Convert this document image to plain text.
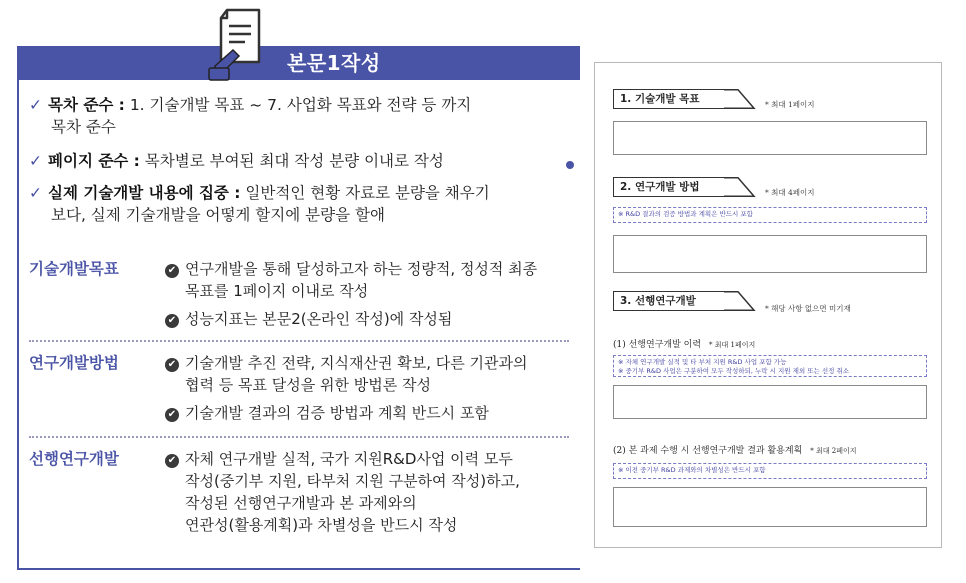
본문1작성
✓ 목차 준수 : 1. 기술개발 목표 ~ 7. 사업화 목표와 전략 등 까지
목차 준수
✓ 페이지 준수 : 목차별로 부여된 최대 작성 분량 이내로 작성
✓ 실제 기술개발 내용에 집중 : 일반적인 현황 자료로 분량을 채우기
보다, 실제 기술개발을 어떻게 할지에 분량을 할애
기술개발목표	✔ 연구개발을 통해 달성하고자 하는 정량적, 정성적 최종
목표를 1페이지 이내로 작성
✔ 성능지표는 본문2(온라인 작성)에 작성됨
연구개발방법	✔ 기술개발 추진 전략, 지식재산권 확보, 다른 기관과의
협력 등 목표 달성을 위한 방법론 작성
✔ 기술개발 결과의 검증 방법과 계획 반드시 포함
선행연구개발	✔ 자체 연구개발 실적, 국가 지원R&D사업 이력 모두
작성(중기부 지원, 타부처 지원 구분하여 작성)하고,
작성된 선행연구개발과 본 과제와의
연관성(활용계획)과 차별성을 반드시 작성
1. 기술개발 목표	* 최대 1페이지
2. 연구개발 방법	* 최대 4페이지
※ R&D 결과의 검증 방법과 계획은 반드시 포함
3. 선행연구개발
* 해당 사항 없으면 미기재
(1) 선행연구개발 이력 * 최대 1페이지
※ 자체 연구개발 실적 및 타 부처 지원 R&D 사업 포함 가능
※ 중기부 R&D 사업은 구분하여 모두 작성하되, 누락 시 지원 제외 또는 선정 취소
(2) 본 과제 수행 시 선행연구개발 결과 활용계획 * 최대 2페이지
※ 이전 중기부 R&D 과제와의 차별성은 반드시 포함
